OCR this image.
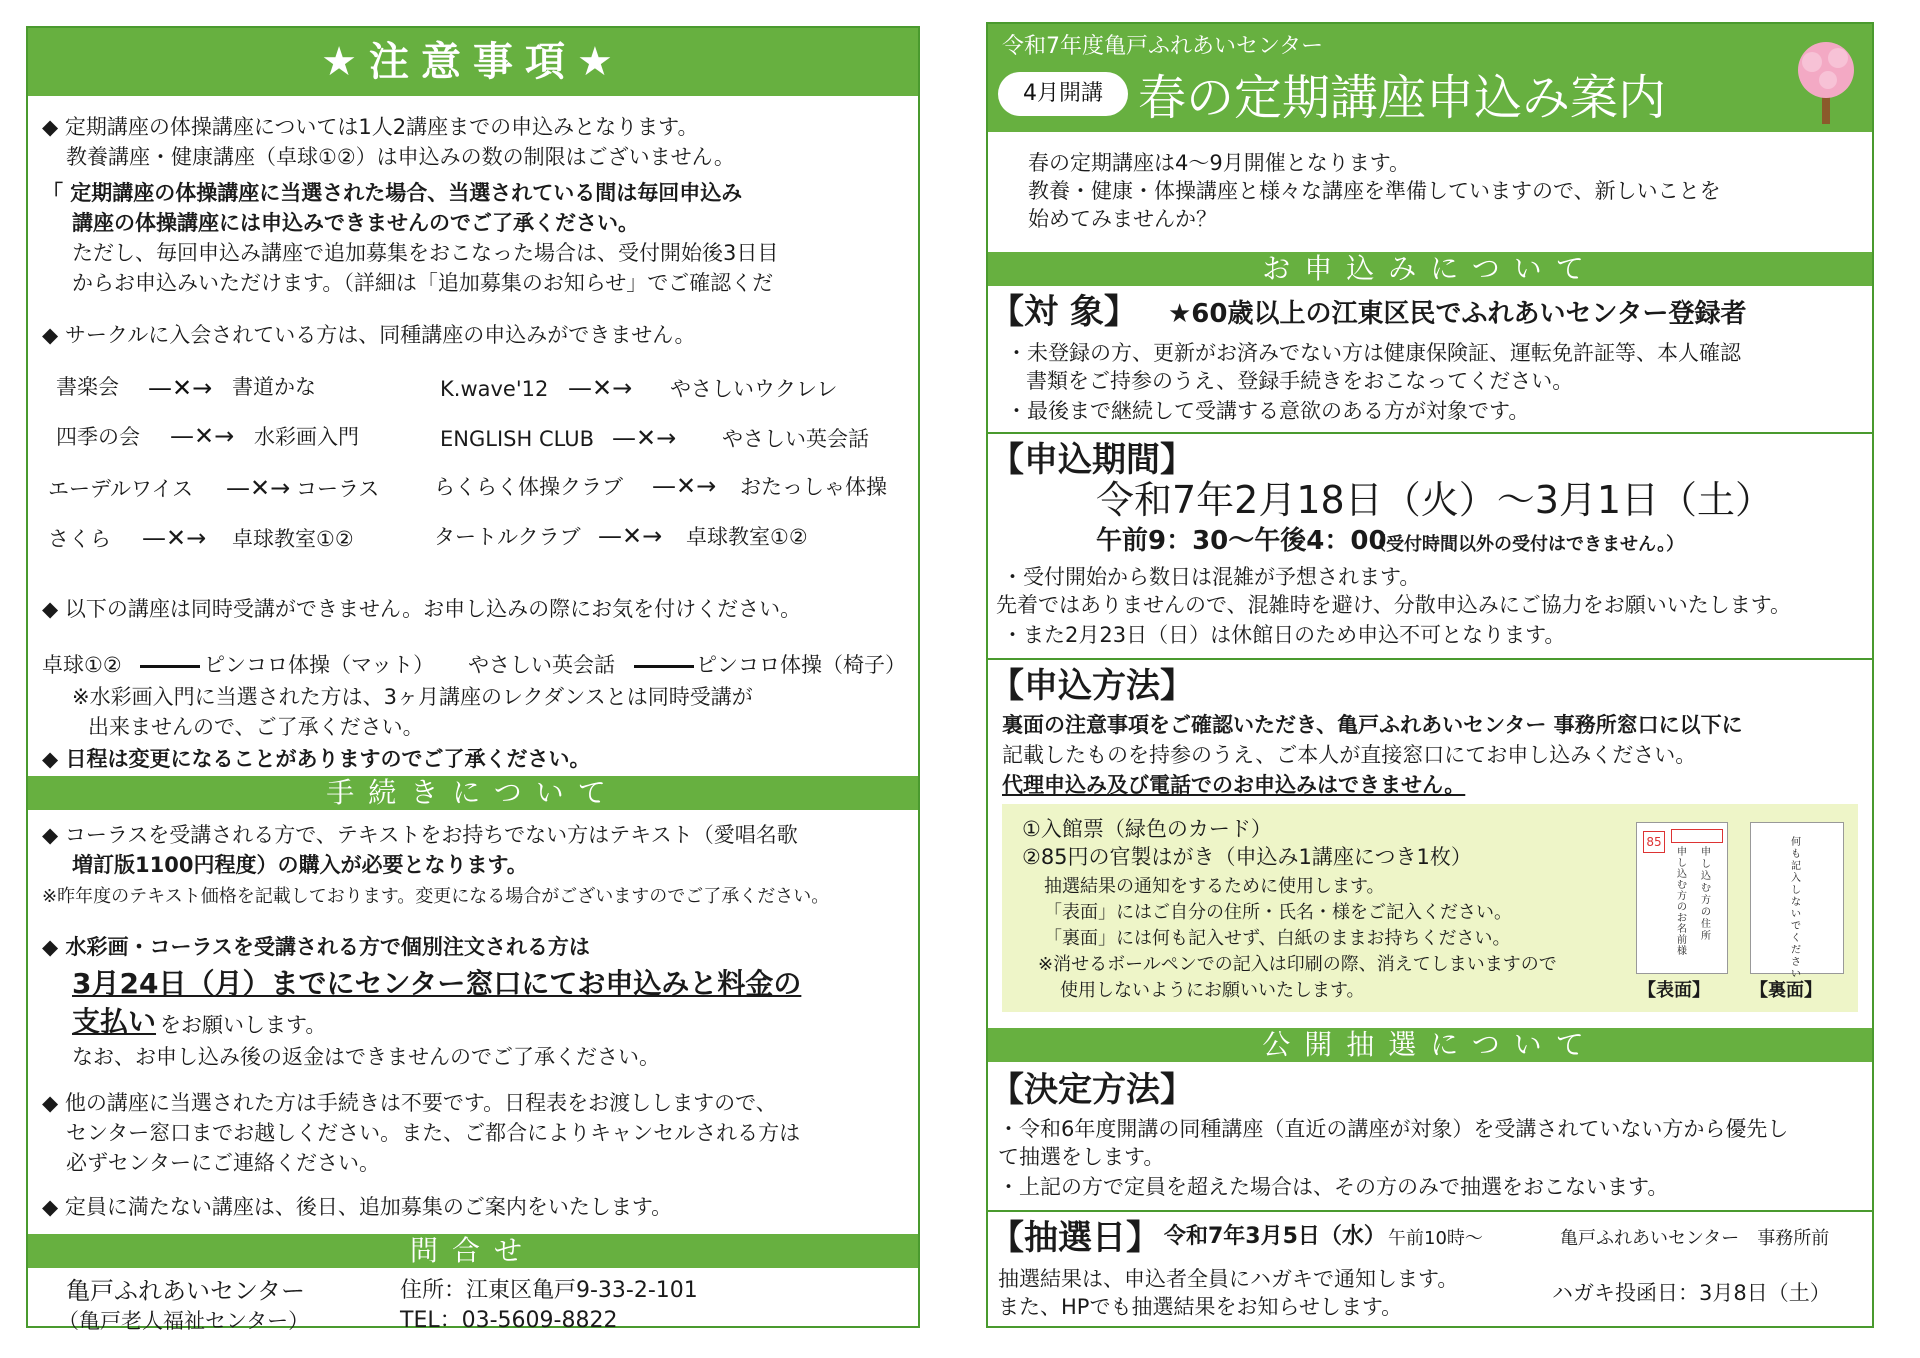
★注意事項★
◆ 定期講座の体操講座については1人2講座までの申込みとなります。
教養講座・健康講座（卓球①②）は申込みの数の制限はございません。
「 定期講座の体操講座に当選された場合、当選されている間は毎回申込み
講座の体操講座には申込みできませんのでご了承ください。
ただし、毎回申込み講座で追加募集をおこなった場合は、受付開始後3日目
からお申込みいただけます。（詳細は「追加募集のお知らせ」でご確認くだ
◆ サークルに入会されている方は、同種講座の申込みができません。
書楽会 —✕→ 書道かな	K.wave'12 —✕→ やさしいウクレレ
四季の会 —✕→ 水彩画入門	ENGLISH CLUB —✕→ やさしい英会話
エーデルワイス —✕→ コーラス	らくらく体操クラブ —✕→ おたっしゃ体操
さくら —✕→ 卓球教室①②	タートルクラブ —✕→ 卓球教室①②
◆ 以下の講座は同時受講ができません。お申し込みの際にお気を付けください。
卓球①②	ピンコロ体操（マット） やさしい英会話	ピンコロ体操（椅子）
※水彩画入門に当選された方は、3ヶ月講座のレクダンスとは同時受講が
出来ませんので、ご了承ください。
◆ 日程は変更になることがありますのでご了承ください。
手続きについて
◆ コーラスを受講される方で、テキストをお持ちでない方はテキスト（愛唱名歌
増訂版1100円程度）の購入が必要となります。
※昨年度のテキスト価格を記載しております。変更になる場合がございますのでご了承ください。
◆ 水彩画・コーラスを受講される方で個別注文される方は
3月24日（月）までにセンター窓口にてお申込みと料金の
支払い をお願いします。
なお、お申し込み後の返金はできませんのでご了承ください。
◆ 他の講座に当選された方は手続きは不要です。日程表をお渡ししますので、
センター窓口までお越しください。また、ご都合によりキャンセルされる方は
必ずセンターにご連絡ください。
◆ 定員に満たない講座は、後日、追加募集のご案内をいたします。
問合せ
亀戸ふれあいセンター
（亀戸老人福祉センター）
住所：江東区亀戸9-33-2-101
TEL：03-5609-8822
令和7年度亀戸ふれあいセンター
4月開講 春の定期講座申込み案内
春の定期講座は4～9月開催となります。
教養・健康・体操講座と様々な講座を準備していますので、新しいことを
始めてみませんか？
お申込みについて
【対 象】 ★60歳以上の江東区民でふれあいセンター登録者
・未登録の方、更新がお済みでない方は健康保険証、運転免許証等、本人確認
書類をご持参のうえ、登録手続きをおこなってください。
・最後まで継続して受講する意欲のある方が対象です。
【申込期間】
令和7年2月18日（火）～3月1日（土）
午前9：30～午後4：00
（受付時間以外の受付はできません。）
・受付開始から数日は混雑が予想されます。
先着ではありませんので、混雑時を避け、分散申込みにご協力をお願いいたします。
・また2月23日（日）は休館日のため申込不可となります。
【申込方法】
裏面の注意事項をご確認いただき、亀戸ふれあいセンター 事務所窓口に以下に
記載したものを持参のうえ、ご本人が直接窓口にてお申し込みください。
代理申込み及び電話でのお申込みはできません。
①入館票（緑色のカード）
②85円の官製はがき（申込み1講座につき1枚）
抽選結果の通知をするために使用します。
「表面」にはご自分の住所・氏名・様をご記入ください。
「裏面」には何も記入せず、白紙のままお持ちください。
※消せるボールペンでの記入は印刷の際、消えてしまいますので
使用しないようにお願いいたします。
85
申し込む方の住所
申し込む方のお名前　様
何も記入しないでください
【表面】 【裏面】
公開抽選について
【決定方法】
・令和6年度開講の同種講座（直近の講座が対象）を受講されていない方から優先し
て抽選をします。
・上記の方で定員を超えた場合は、その方のみで抽選をおこないます。
【抽選日】 令和7年3月5日（水） 午前10時～	亀戸ふれあいセンター　事務所前
抽選結果は、申込者全員にハガキで通知します。
また、HPでも抽選結果をお知らせします。
ハガキ投函日：3月8日（土）
